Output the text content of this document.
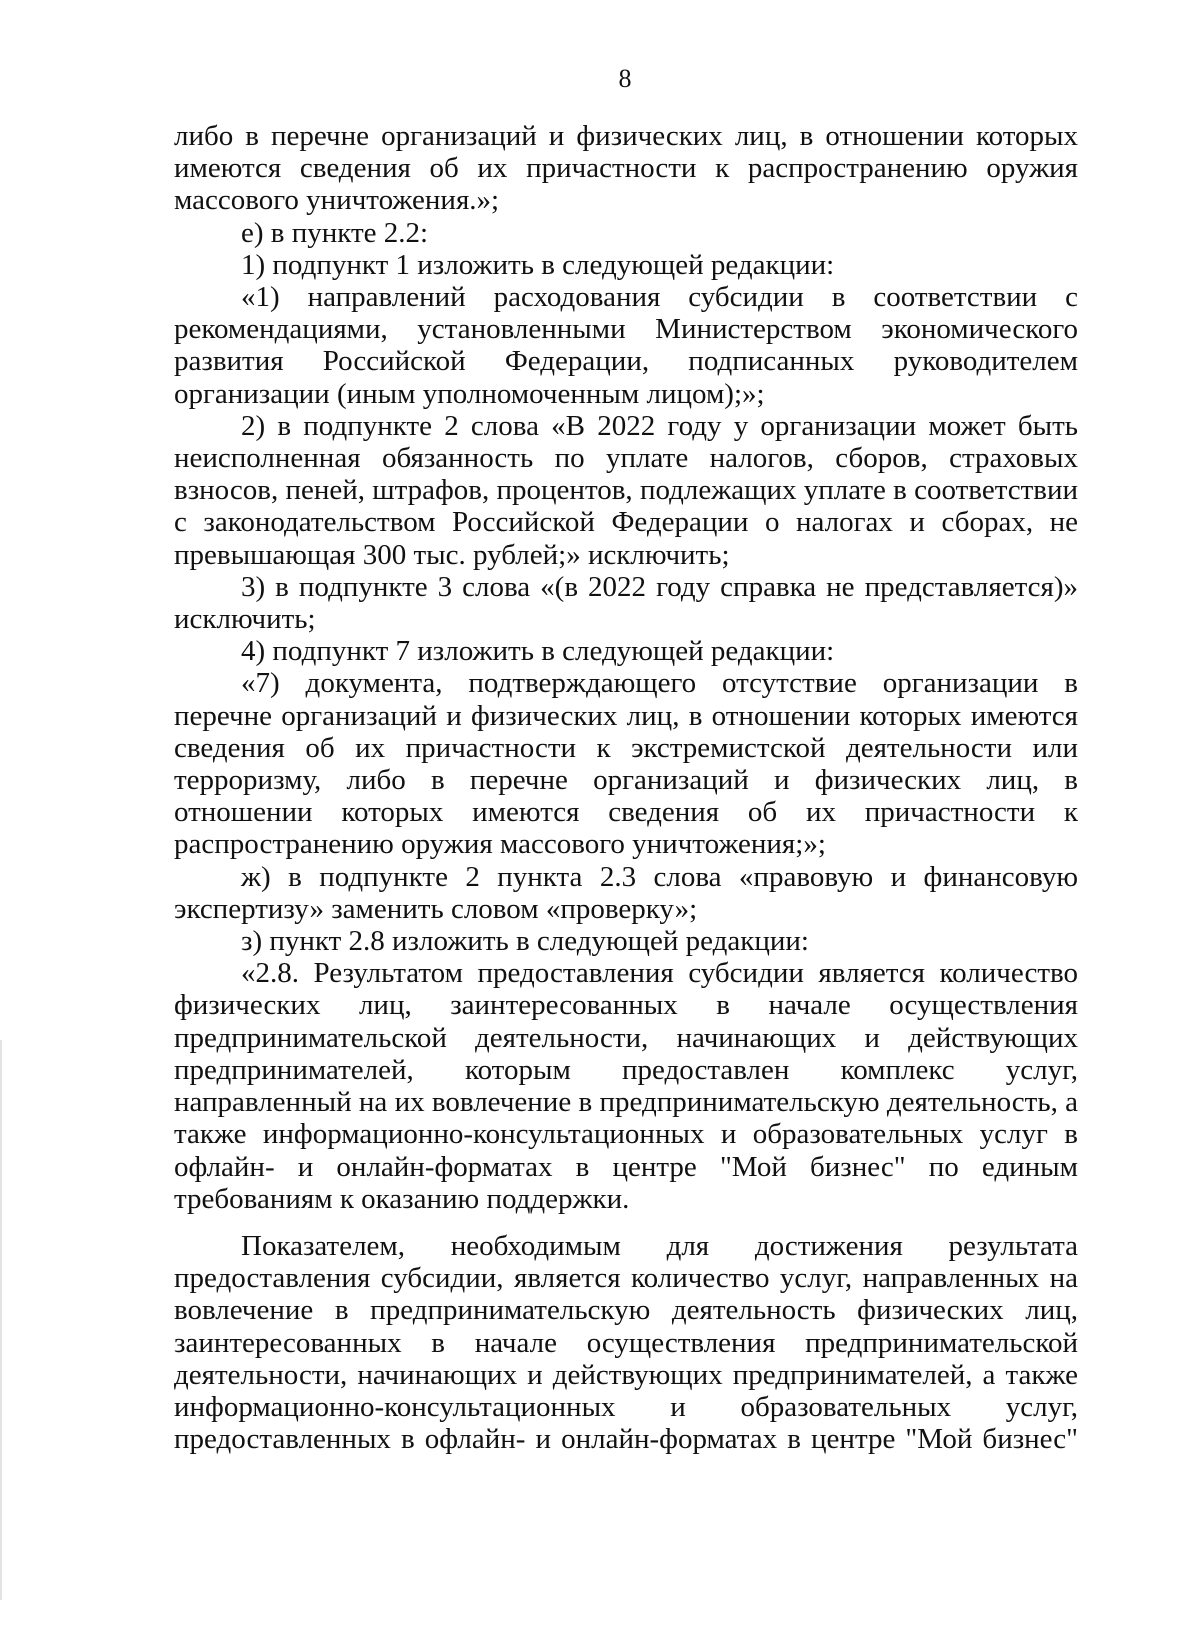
8

либо в перечне организаций и физических лиц, в отношении которых имеются сведения об их причастности к распространению оружия массового уничтожения.»;

е) в пункте 2.2:

1) подпункт 1 изложить в следующей редакции:

«1) направлений расходования субсидии в соответствии с рекомендациями, установленными Министерством экономического развития Российской Федерации, подписанных руководителем организации (иным уполномоченным лицом);»;

2) в подпункте 2 слова «В 2022 году у организации может быть неисполненная обязанность по уплате налогов, сборов, страховых взносов, пеней, штрафов, процентов, подлежащих уплате в соответствии с законодательством Российской Федерации о налогах и сборах, не превышающая 300 тыс. рублей;» исключить;

3) в подпункте 3 слова «(в 2022 году справка не представляется)» исключить;

4) подпункт 7 изложить в следующей редакции:

«7) документа, подтверждающего отсутствие организации в перечне организаций и физических лиц, в отношении которых имеются сведения об их причастности к экстремистской деятельности или терроризму, либо в перечне организаций и физических лиц, в отношении которых имеются сведения об их причастности к распространению оружия массового уничтожения;»;

ж) в подпункте 2 пункта 2.3 слова «правовую и финансовую экспертизу» заменить словом «проверку»;

з) пункт 2.8 изложить в следующей редакции:

«2.8. Результатом предоставления субсидии является количество физических лиц, заинтересованных в начале осуществления предпринимательской деятельности, начинающих и действующих предпринимателей, которым предоставлен комплекс услуг, направленный на их вовлечение в предпринимательскую деятельность, а также информационно-консультационных и образовательных услуг в офлайн- и онлайн-форматах в центре "Мой бизнес" по единым требованиям к оказанию поддержки.

Показателем, необходимым для достижения результата предоставления субсидии, является количество услуг, направленных на вовлечение в предпринимательскую деятельность физических лиц, заинтересованных в начале осуществления предпринимательской деятельности, начинающих и действующих предпринимателей, а также информационно-консультационных и образовательных услуг, предоставленных в офлайн- и онлайн-форматах в центре "Мой бизнес"
